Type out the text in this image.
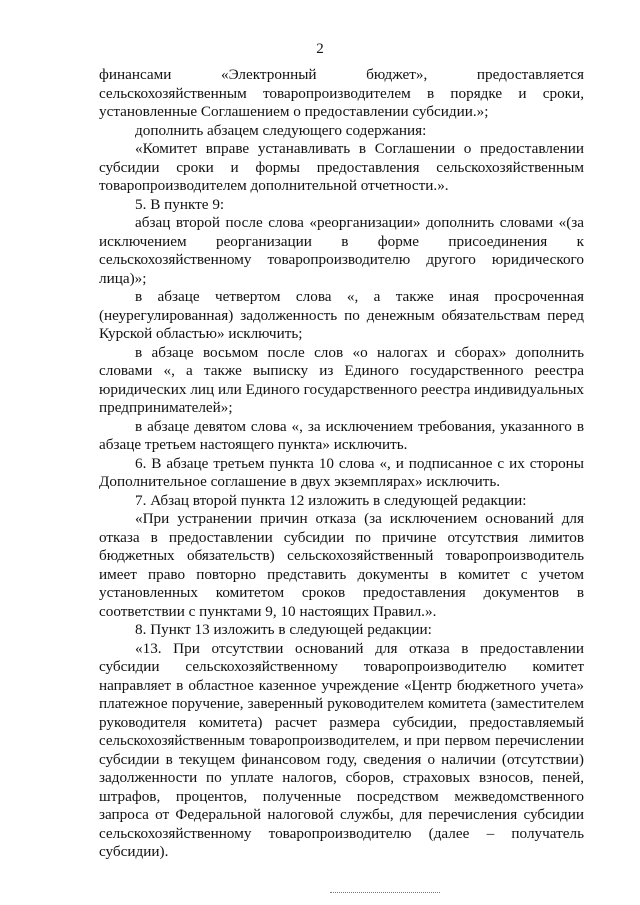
2
финансами «Электронный бюджет», предоставляется
сельскохозяйственным товаропроизводителем в порядке и сроки,
установленные Соглашением о предоставлении субсидии.»;
дополнить абзацем следующего содержания:
«Комитет вправе устанавливать в Соглашении о предоставлении
субсидии сроки и формы предоставления сельскохозяйственным
товаропроизводителем дополнительной отчетности.».
5. В пункте 9:
абзац второй после слова «реорганизации» дополнить словами «(за
исключением реорганизации в форме присоединения к
сельскохозяйственному товаропроизводителю другого юридического
лица)»;
в абзаце четвертом слова «, а также иная просроченная
(неурегулированная) задолженность по денежным обязательствам перед
Курской областью» исключить;
в абзаце восьмом после слов «о налогах и сборах» дополнить
словами «, а также выписку из Единого государственного реестра
юридических лиц или Единого государственного реестра индивидуальных
предпринимателей»;
в абзаце девятом слова «, за исключением требования, указанного в
абзаце третьем настоящего пункта» исключить.
6. В абзаце третьем пункта 10 слова «, и подписанное с их стороны
Дополнительное соглашение в двух экземплярах» исключить.
7. Абзац второй пункта 12 изложить в следующей редакции:
«При устранении причин отказа (за исключением оснований для
отказа в предоставлении субсидии по причине отсутствия лимитов
бюджетных обязательств) сельскохозяйственный товаропроизводитель
имеет право повторно представить документы в комитет с учетом
установленных комитетом сроков предоставления документов в
соответствии с пунктами 9, 10 настоящих Правил.».
8. Пункт 13 изложить в следующей редакции:
«13. При отсутствии оснований для отказа в предоставлении
субсидии сельскохозяйственному товаропроизводителю комитет
направляет в областное казенное учреждение «Центр бюджетного учета»
платежное поручение, заверенный руководителем комитета (заместителем
руководителя комитета) расчет размера субсидии, предоставляемый
сельскохозяйственным товаропроизводителем, и при первом перечислении
субсидии в текущем финансовом году, сведения о наличии (отсутствии)
задолженности по уплате налогов, сборов, страховых взносов, пеней,
штрафов, процентов, полученные посредством межведомственного
запроса от Федеральной налоговой службы, для перечисления субсидии
сельскохозяйственному товаропроизводителю (далее – получатель
субсидии).
